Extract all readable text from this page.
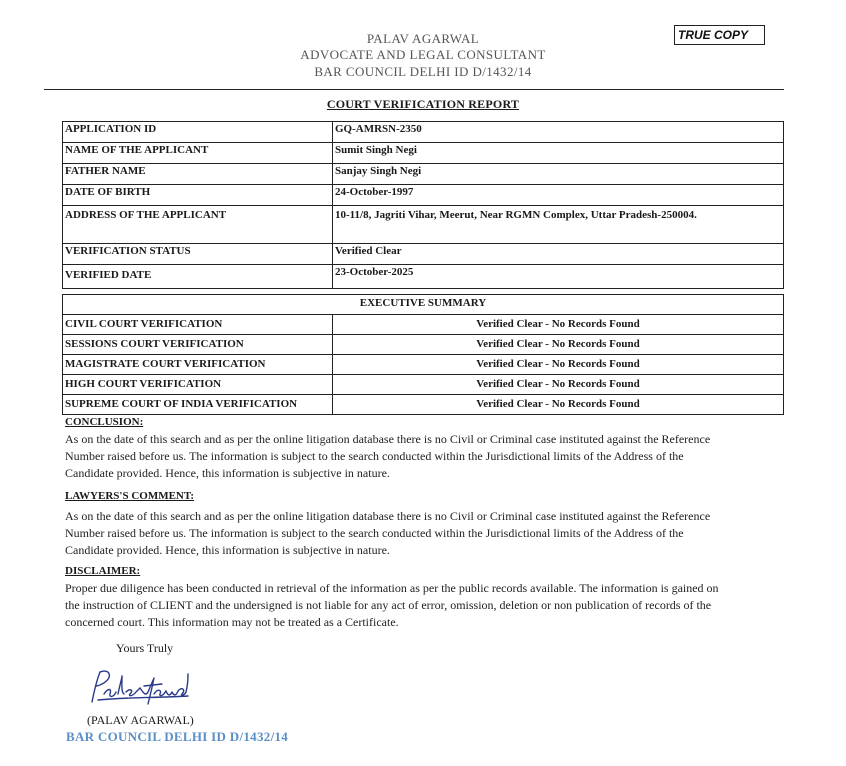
PALAV AGARWAL
ADVOCATE AND LEGAL CONSULTANT
BAR COUNCIL DELHI ID D/1432/14
TRUE COPY
COURT VERIFICATION REPORT
APPLICATION ID	GQ-AMRSN-2350
NAME OF THE APPLICANT	Sumit Singh Negi
FATHER NAME	Sanjay Singh Negi
DATE OF BIRTH	24-October-1997
ADDRESS OF THE APPLICANT	10-11/8, Jagriti Vihar, Meerut, Near RGMN Complex, Uttar Pradesh-250004.
VERIFICATION STATUS	Verified Clear
VERIFIED DATE	23-October-2025
EXECUTIVE SUMMARY	
CIVIL COURT VERIFICATION	Verified Clear - No Records Found
SESSIONS COURT VERIFICATION	Verified Clear - No Records Found
MAGISTRATE COURT VERIFICATION	Verified Clear - No Records Found
HIGH COURT VERIFICATION	Verified Clear - No Records Found
SUPREME COURT OF INDIA VERIFICATION	Verified Clear - No Records Found
CONCLUSION:
As on the date of this search and as per the online litigation database there is no Civil or Criminal case instituted against the Reference
Number raised before us. The information is subject to the search conducted within the Jurisdictional limits of the Address of the
Candidate provided. Hence, this information is subjective in nature.
LAWYERS'S COMMENT:
As on the date of this search and as per the online litigation database there is no Civil or Criminal case instituted against the Reference
Number raised before us. The information is subject to the search conducted within the Jurisdictional limits of the Address of the
Candidate provided. Hence, this information is subjective in nature.
DISCLAIMER:
Proper due diligence has been conducted in retrieval of the information as per the public records available. The information is gained on
the instruction of CLIENT and the undersigned is not liable for any act of error, omission, deletion or non publication of records of the
concerned court. This information may not be treated as a Certificate.
Yours Truly
(PALAV AGARWAL)
BAR COUNCIL DELHI ID D/1432/14
